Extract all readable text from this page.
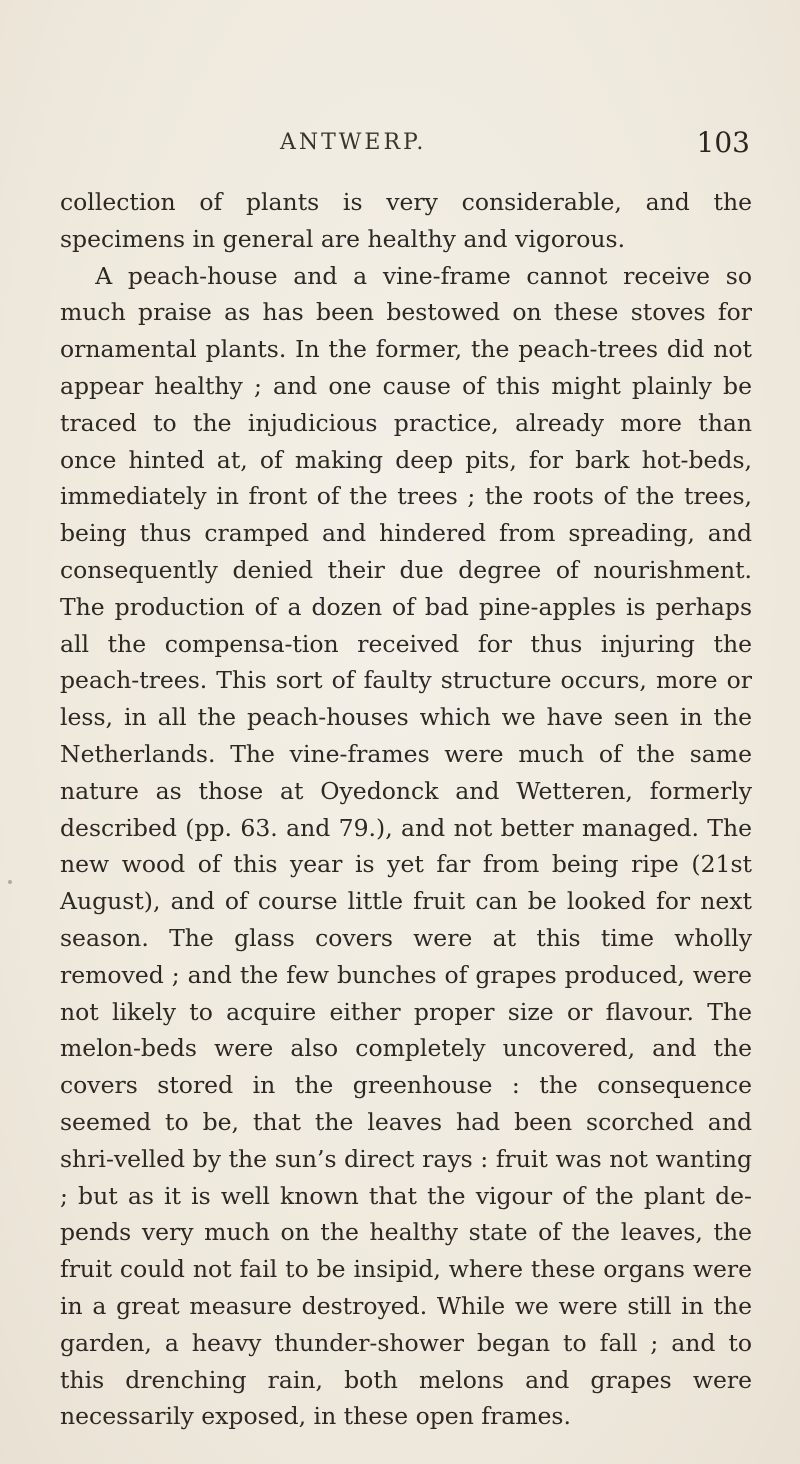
ANTWERP.	103

collection of plants is very considerable, and the specimens in general are healthy and vigorous.

A peach-house and a vine-frame cannot receive so much praise as has been bestowed on these stoves for ornamental plants. In the former, the peach-trees did not appear healthy ; and one cause of this might plainly be traced to the injudicious practice, already more than once hinted at, of making deep pits, for bark hot-beds, immediately in front of the trees ; the roots of the trees, being thus cramped and hindered from spreading, and consequently denied their due degree of nourishment. The production of a dozen of bad pine-apples is perhaps all the compensa-tion received for thus injuring the peach-trees. This sort of faulty structure occurs, more or less, in all the peach-houses which we have seen in the Netherlands. The vine-frames were much of the same nature as those at Oyedonck and Wetteren, formerly described (pp. 63. and 79.), and not better managed. The new wood of this year is yet far from being ripe (21st August), and of course little fruit can be looked for next season. The glass covers were at this time wholly removed ; and the few bunches of grapes produced, were not likely to acquire either proper size or flavour. The melon-beds were also completely uncovered, and the covers stored in the greenhouse : the consequence seemed to be, that the leaves had been scorched and shri-velled by the sun’s direct rays : fruit was not wanting ; but as it is well known that the vigour of the plant de-pends very much on the healthy state of the leaves, the fruit could not fail to be insipid, where these organs were in a great measure destroyed. While we were still in the garden, a heavy thunder-shower began to fall ; and to this drenching rain, both melons and grapes were necessarily exposed, in these open frames.
